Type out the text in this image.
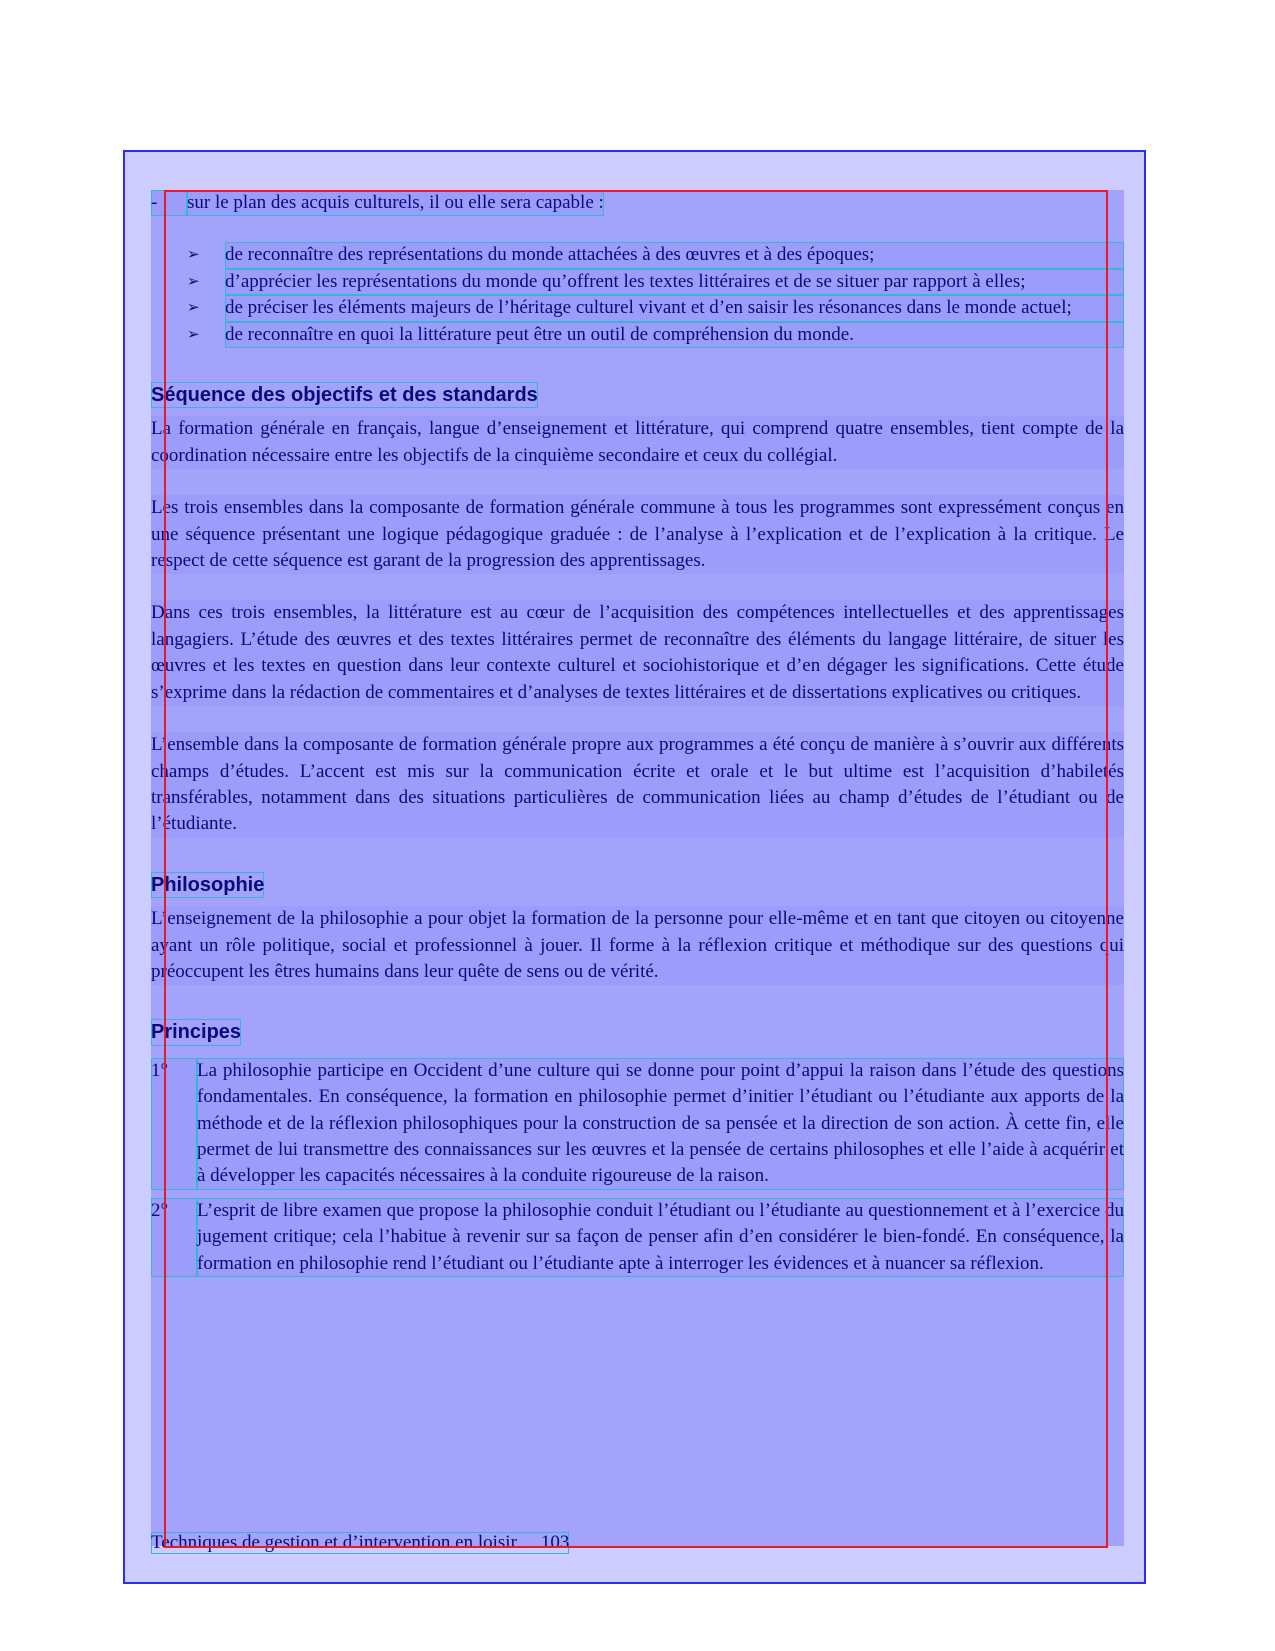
-	sur le plan des acquis culturels, il ou elle sera capable :
➢	de reconnaître des représentations du monde attachées à des œuvres et à des époques;
➢	d’apprécier les représentations du monde qu’offrent les textes littéraires et de se situer par rapport à elles;
➢	de préciser les éléments majeurs de l’héritage culturel vivant et d’en saisir les résonances dans le monde actuel;
➢	de reconnaître en quoi la littérature peut être un outil de compréhension du monde.
Séquence des objectifs et des standards

La formation générale en français, langue d’enseignement et littérature, qui comprend quatre ensembles, tient compte de la coordination nécessaire entre les objectifs de la cinquième secondaire et ceux du collégial.

Les trois ensembles dans la composante de formation générale commune à tous les programmes sont expressément conçus en une séquence présentant une logique pédagogique graduée : de l’analyse à l’explication et de l’explication à la critique. Le respect de cette séquence est garant de la progression des apprentissages.

Dans ces trois ensembles, la littérature est au cœur de l’acquisition des compétences intellectuelles et des apprentissages langagiers. L’étude des œuvres et des textes littéraires permet de reconnaître des éléments du langage littéraire, de situer les œuvres et les textes en question dans leur contexte culturel et sociohistorique et d’en dégager les significations. Cette étude s’exprime dans la rédaction de commentaires et d’analyses de textes littéraires et de dissertations explicatives ou critiques.

L’ensemble dans la composante de formation générale propre aux programmes a été conçu de manière à s’ouvrir aux différents champs d’études. L’accent est mis sur la communication écrite et orale et le but ultime est l’acquisition d’habiletés transférables, notamment dans des situations particulières de communication liées au champ d’études de l’étudiant ou de l’étudiante.

Philosophie

L’enseignement de la philosophie a pour objet la formation de la personne pour elle-même et en tant que citoyen ou citoyenne ayant un rôle politique, social et professionnel à jouer. Il forme à la réflexion critique et méthodique sur des questions qui préoccupent les êtres humains dans leur quête de sens ou de vérité.

Principes
1°	La philosophie participe en Occident d’une culture qui se donne pour point d’appui la raison dans l’étude des questions fondamentales. En conséquence, la formation en philosophie permet d’initier l’étudiant ou l’étudiante aux apports de la méthode et de la réflexion philosophiques pour la construction de sa pensée et la direction de son action. À cette fin, elle permet de lui transmettre des connaissances sur les œuvres et la pensée de certains philosophes et elle l’aide à acquérir et à développer les capacités nécessaires à la conduite rigoureuse de la raison.
2°	L’esprit de libre examen que propose la philosophie conduit l’étudiant ou l’étudiante au questionnement et à l’exercice du jugement critique; cela l’habitue à revenir sur sa façon de penser afin d’en considérer le bien-fondé. En conséquence, la formation en philosophie rend l’étudiant ou l’étudiante apte à interroger les évidences et à nuancer sa réflexion.
Techniques de gestion et d’intervention en loisir 103
